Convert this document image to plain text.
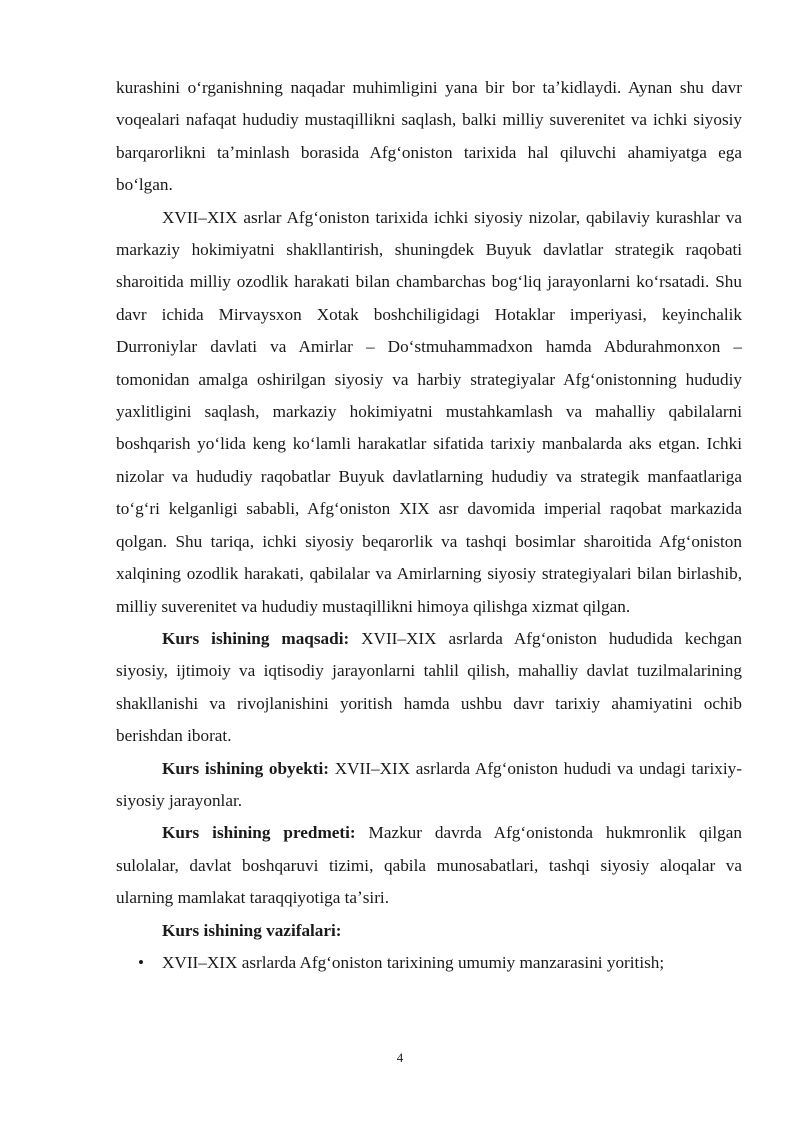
kurashini oʻrganishning naqadar muhimligini yana bir bor taʼkidlaydi. Aynan shu davr voqealari nafaqat hududiy mustaqillikni saqlash, balki milliy suverenitet va ichki siyosiy barqarorlikni taʼminlash borasida Afgʻoniston tarixida hal qiluvchi ahamiyatga ega boʻlgan.

XVII–XIX asrlar Afgʻoniston tarixida ichki siyosiy nizolar, qabilaviy kurashlar va markaziy hokimiyatni shakllantirish, shuningdek Buyuk davlatlar strategik raqobati sharoitida milliy ozodlik harakati bilan chambarchas bogʻliq jarayonlarni koʻrsatadi. Shu davr ichida Mirvaysxon Xotak boshchiligidagi Hotaklar imperiyasi, keyinchalik Durroniylar davlati va Amirlar – Doʻstmuhammadxon hamda Abdurahmonxon – tomonidan amalga oshirilgan siyosiy va harbiy strategiyalar Afgʻonistonning hududiy yaxlitligini saqlash, markaziy hokimiyatni mustahkamlash va mahalliy qabilalarni boshqarish yoʻlida keng koʻlamli harakatlar sifatida tarixiy manbalarda aks etgan. Ichki nizolar va hududiy raqobatlar Buyuk davlatlarning hududiy va strategik manfaatlariga toʻgʻri kelganligi sababli, Afgʻoniston XIX asr davomida imperial raqobat markazida qolgan. Shu tariqa, ichki siyosiy beqarorlik va tashqi bosimlar sharoitida Afgʻoniston xalqining ozodlik harakati, qabilalar va Amirlarning siyosiy strategiyalari bilan birlashib, milliy suverenitet va hududiy mustaqillikni himoya qilishga xizmat qilgan.

Kurs ishining maqsadi: XVII–XIX asrlarda Afgʻoniston hududida kechgan siyosiy, ijtimoiy va iqtisodiy jarayonlarni tahlil qilish, mahalliy davlat tuzilmalarining shakllanishi va rivojlanishini yoritish hamda ushbu davr tarixiy ahamiyatini ochib berishdan iborat.

Kurs ishining obyekti: XVII–XIX asrlarda Afgʻoniston hududi va undagi tarixiy-siyosiy jarayonlar.

Kurs ishining predmeti: Mazkur davrda Afgʻonistonda hukmronlik qilgan sulolalar, davlat boshqaruvi tizimi, qabila munosabatlari, tashqi siyosiy aloqalar va ularning mamlakat taraqqiyotiga taʼsiri.

Kurs ishining vazifalari:

• XVII–XIX asrlarda Afgʻoniston tarixining umumiy manzarasini yoritish;
4
